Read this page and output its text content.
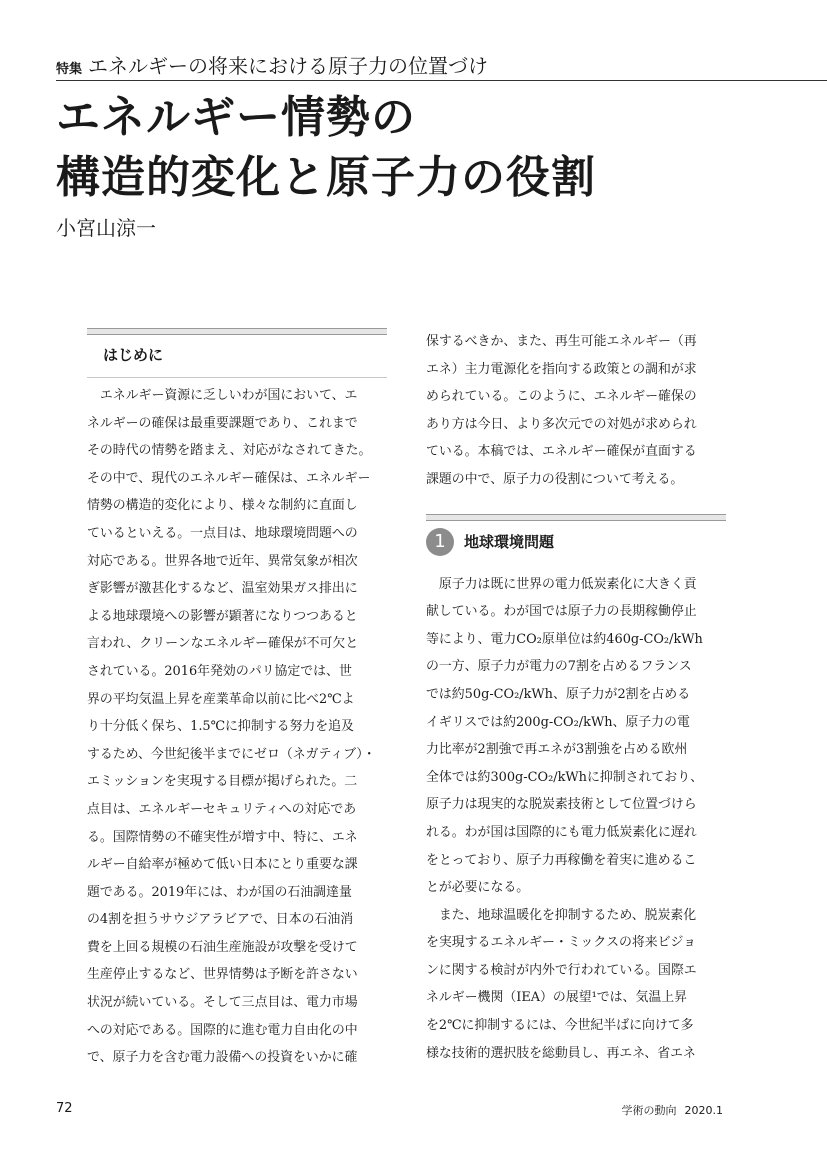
特集 エネルギーの将来における原子力の位置づけ
エネルギー情勢の
構造的変化と原子力の役割
小宮山涼一
はじめに
　エネルギー資源に乏しいわが国において、エ
ネルギーの確保は最重要課題であり、これまで
その時代の情勢を踏まえ、対応がなされてきた。
その中で、現代のエネルギー確保は、エネルギー
情勢の構造的変化により、様々な制約に直面し
ているといえる。一点目は、地球環境問題への
対応である。世界各地で近年、異常気象が相次
ぎ影響が激甚化するなど、温室効果ガス排出に
よる地球環境への影響が顕著になりつつあると
言われ、クリーンなエネルギー確保が不可欠と
されている。2016年発効のパリ協定では、世
界の平均気温上昇を産業革命以前に比べ2℃よ
り十分低く保ち、1.5℃に抑制する努力を追及
するため、今世紀後半までにゼロ（ネガティブ）・
エミッションを実現する目標が掲げられた。二
点目は、エネルギーセキュリティへの対応であ
る。国際情勢の不確実性が増す中、特に、エネ
ルギー自給率が極めて低い日本にとり重要な課
題である。2019年には、わが国の石油調達量
の4割を担うサウジアラビアで、日本の石油消
費を上回る規模の石油生産施設が攻撃を受けて
生産停止するなど、世界情勢は予断を許さない
状況が続いている。そして三点目は、電力市場
への対応である。国際的に進む電力自由化の中
で、原子力を含む電力設備への投資をいかに確
保するべきか、また、再生可能エネルギー（再
エネ）主力電源化を指向する政策との調和が求
められている。このように、エネルギー確保の
あり方は今日、より多次元での対処が求められ
ている。本稿では、エネルギー確保が直面する
課題の中で、原子力の役割について考える。
1	地球環境問題
　原子力は既に世界の電力低炭素化に大きく貢
献している。わが国では原子力の長期稼働停止
等により、電力CO₂原単位は約460g-CO₂/kWh
の一方、原子力が電力の7割を占めるフランス
では約50g-CO₂/kWh、原子力が2割を占める
イギリスでは約200g-CO₂/kWh、原子力の電
力比率が2割強で再エネが3割強を占める欧州
全体では約300g-CO₂/kWhに抑制されており、
原子力は現実的な脱炭素技術として位置づけら
れる。わが国は国際的にも電力低炭素化に遅れ
をとっており、原子力再稼働を着実に進めるこ
とが必要になる。
　また、地球温暖化を抑制するため、脱炭素化
を実現するエネルギー・ミックスの将来ビジョ
ンに関する検討が内外で行われている。国際エ
ネルギー機関（IEA）の展望¹では、気温上昇
を2℃に抑制するには、今世紀半ばに向けて多
様な技術的選択肢を総動員し、再エネ、省エネ
72	学術の動向 2020.1
